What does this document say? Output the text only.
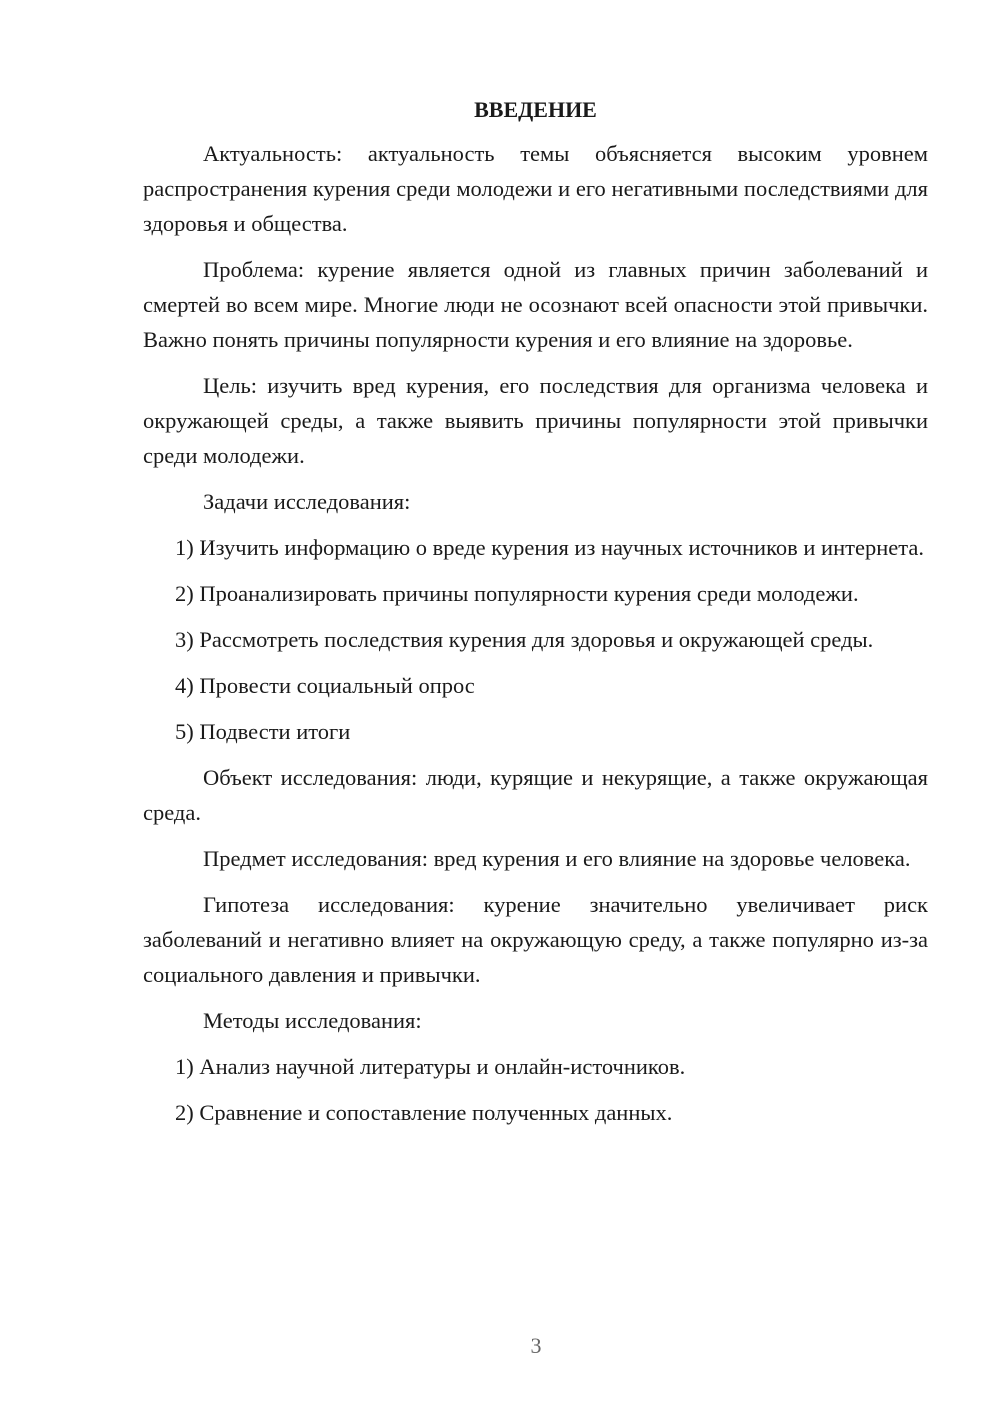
ВВЕДЕНИЕ

Актуальность: актуальность темы объясняется высоким уровнем распространения курения среди молодежи и его негативными последствиями для здоровья и общества.

Проблема: курение является одной из главных причин заболеваний и смертей во всем мире. Многие люди не осознают всей опасности этой привычки. Важно понять причины популярности курения и его влияние на здоровье.

Цель: изучить вред курения, его последствия для организма человека и окружающей среды, а также выявить причины популярности этой привычки среди молодежи.

Задачи исследования:

1) Изучить информацию о вреде курения из научных источников и интернета.

2) Проанализировать причины популярности курения среди молодежи.

3) Рассмотреть последствия курения для здоровья и окружающей среды.

4) Провести социальный опрос

5) Подвести итоги

Объект исследования: люди, курящие и некурящие, а также окружающая среда.

Предмет исследования: вред курения и его влияние на здоровье человека.

Гипотеза исследования: курение значительно увеличивает риск заболеваний и негативно влияет на окружающую среду, а также популярно из-за социального давления и привычки.

Методы исследования:

1) Анализ научной литературы и онлайн-источников.

2) Сравнение и сопоставление полученных данных.

3
